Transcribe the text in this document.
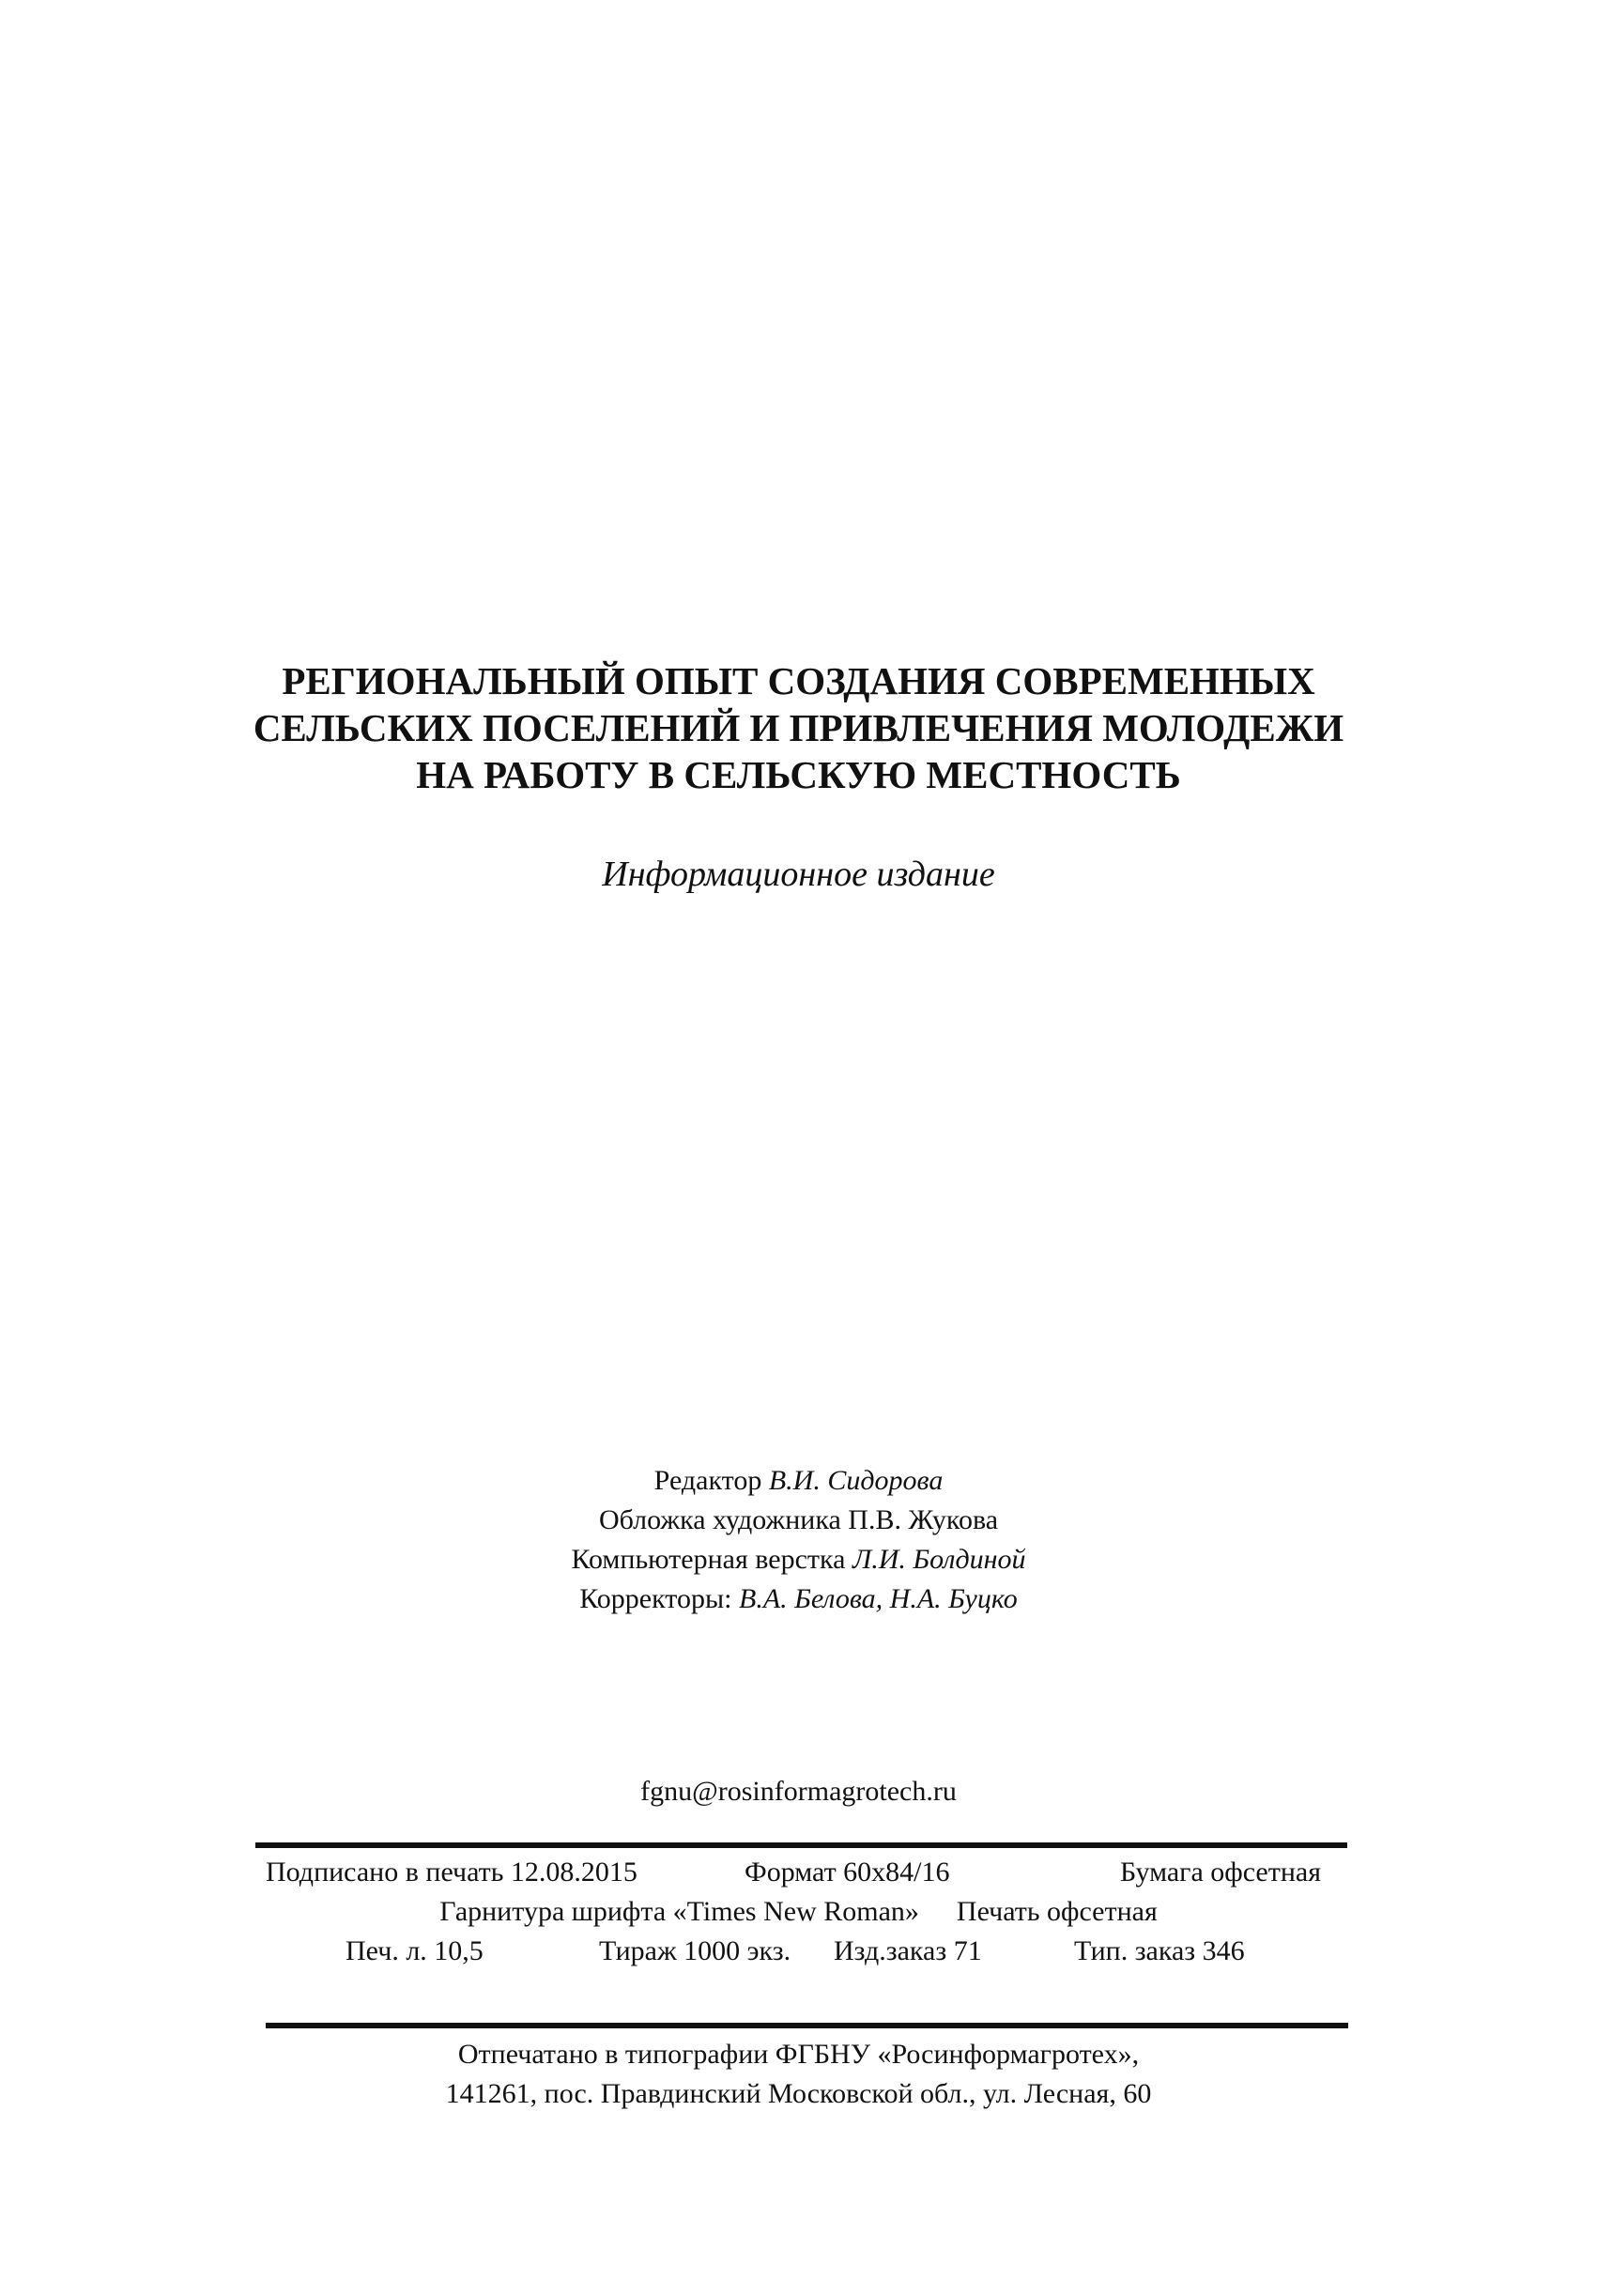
РЕГИОНАЛЬНЫЙ ОПЫТ СОЗДАНИЯ СОВРЕМЕННЫХ
СЕЛЬСКИХ ПОСЕЛЕНИЙ И ПРИВЛЕЧЕНИЯ МОЛОДЕЖИ
НА РАБОТУ В СЕЛЬСКУЮ МЕСТНОСТЬ
Информационное издание
Редактор В.И. Сидорова
Обложка художника П.В. Жукова
Компьютерная верстка Л.И. Болдиной
Корректоры: В.А. Белова, Н.А. Буцко
fgnu@rosinformagrotech.ru
Подписано в печать 12.08.2015	Формат 60х84/16	Бумага офсетная
Гарнитура шрифта «Times New Roman» Печать офсетная
Печ. л. 10,5	Тираж 1000 экз. Изд.заказ 71	Тип. заказ 346
Отпечатано в типографии ФГБНУ «Росинформагротех»,
141261, пос. Правдинский Московской обл., ул. Лесная, 60
